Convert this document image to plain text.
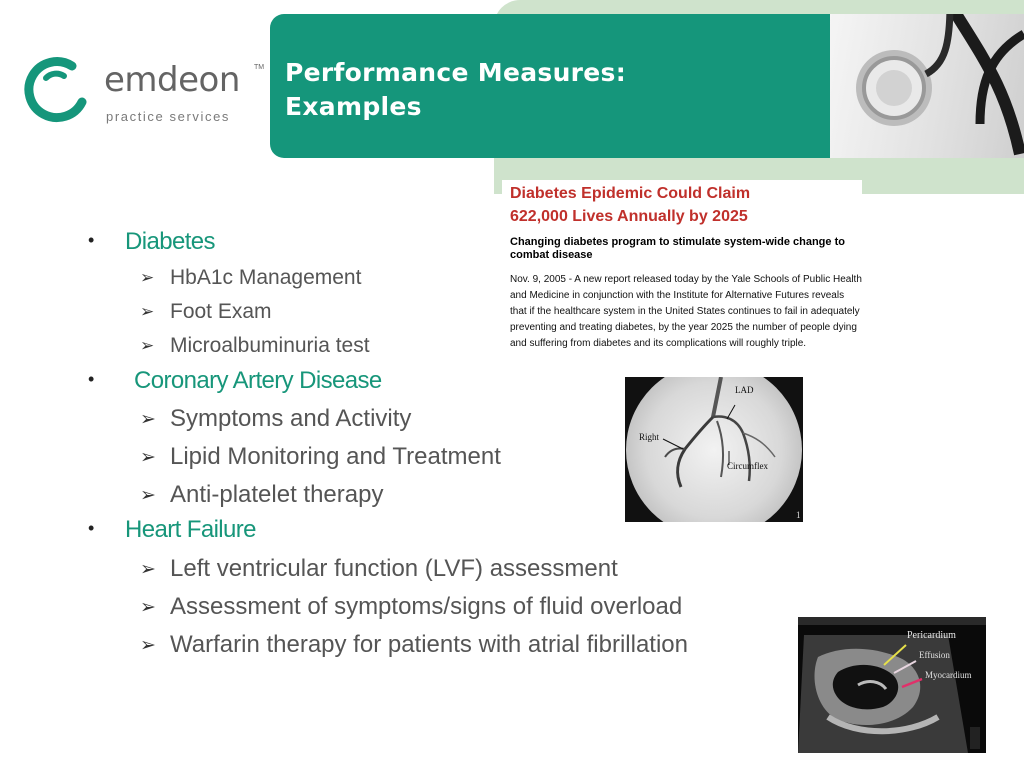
Performance Measures:
Examples
emdeon TM
practice services
Diabetes Epidemic Could Claim
622,000 Lives Annually by 2025
Changing diabetes program to stimulate system-wide change to combat disease
Nov. 9, 2005 - A new report released today by the Yale Schools of Public Health and Medicine in conjunction with the Institute for Alternative Futures reveals that if the healthcare system in the United States continues to fail in adequately preventing and treating diabetes, by the year 2025 the number of people dying and suffering from diabetes and its complications will roughly triple.
• Diabetes
➢ HbA1c Management
➢ Foot Exam
➢ Microalbuminuria test
• Coronary Artery Disease
➢ Symptoms and Activity
➢ Lipid Monitoring and Treatment
➢ Anti-platelet therapy
• Heart Failure
➢ Left ventricular function (LVF) assessment
➢ Assessment of symptoms/signs of fluid overload
➢ Warfarin therapy for patients with atrial fibrillation
LAD
Right
Circumflex
1
Pericardium
Effusion
Myocardium
